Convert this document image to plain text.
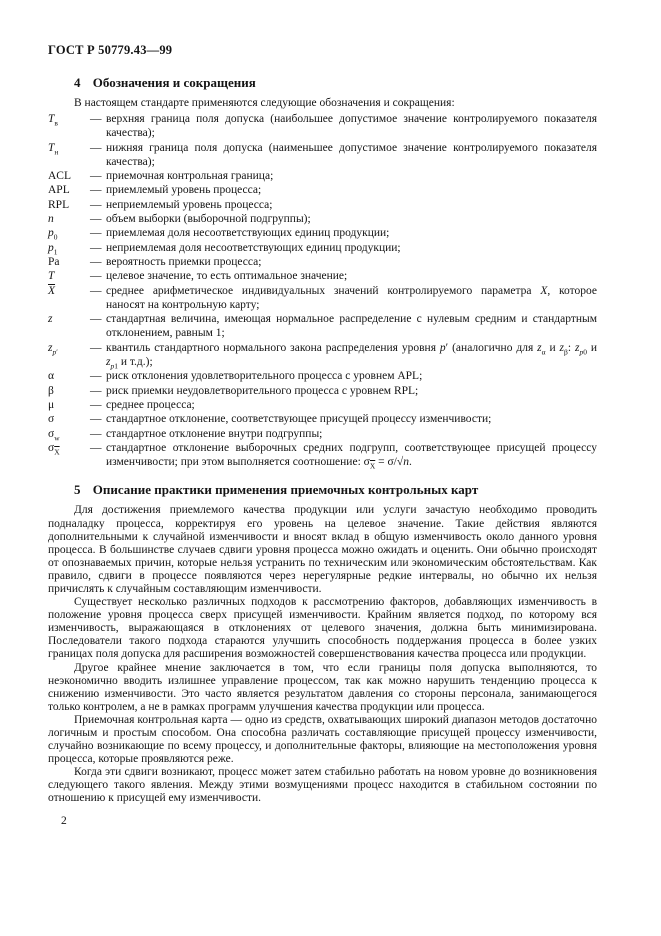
ГОСТ Р 50779.43—99
4 Обозначения и сокращения

В настоящем стандарте применяются следующие обозначения и сокращения:

$T_в$	— верхняя граница поля допуска (наибольшее допустимое значение контролируемого показателя качества);
$T_н$	— нижняя граница поля допуска (наименьшее допустимое значение контролируемого показателя качества);
ACL	— приемочная контрольная граница;
APL	— приемлемый уровень процесса;
RPL	— неприемлемый уровень процесса;
n	— объем выборки (выборочной подгруппы);
$p_0$	— приемлемая доля несоответствующих единиц продукции;
$p_1$	— неприемлемая доля несоответствующих единиц продукции;
Pa	— вероятность приемки процесса;
T	— целевое значение, то есть оптимальное значение;
$\overline{X}$	— среднее арифметическое индивидуальных значений контролируемого параметра X, которое наносят на контрольную карту;
z	— стандартная величина, имеющая нормальное распределение с нулевым средним и стандартным отклонением, равным 1;
$z_{p'}$	— квантиль стандартного нормального закона распределения уровня p′ (аналогично для $z_\alpha$ и $z_\beta$: $z_{p0}$ и $z_{p1}$ и т.д.);
α	— риск отклонения удовлетворительного процесса с уровнем APL;
β	— риск приемки неудовлетворительного процесса с уровнем RPL;
μ	— среднее процесса;
σ	— стандартное отклонение, соответствующее присущей процессу изменчивости;
$\sigma_w$	— стандартное отклонение внутри подгруппы;
$\sigma_{\overline{X}}$	— стандартное отклонение выборочных средних подгрупп, соответствующее присущей процессу изменчивости; при этом выполняется соотношение: $\sigma_{\overline{X}} = \sigma/√n$.
5 Описание практики применения приемочных контрольных карт

Для достижения приемлемого качества продукции или услуги зачастую необходимо проводить подналадку процесса, корректируя его уровень на целевое значение. Такие действия являются дополнительными к случайной изменчивости и вносят вклад в общую изменчивость около данного уровня процесса. В большинстве случаев сдвиги уровня процесса можно ожидать и оценить. Они обычно происходят от опознаваемых причин, которые нельзя устранить по техническим или экономическим обстоятельствам. Как правило, сдвиги в процессе появляются через нерегулярные редкие интервалы, но обычно их нельзя причислять к случайным составляющим изменчивости.

Существует несколько различных подходов к рассмотрению факторов, добавляющих изменчивость в положение уровня процесса сверх присущей изменчивости. Крайним является подход, по которому вся изменчивость, выражающаяся в отклонениях от целевого значения, должна быть минимизирована. Последователи такого подхода стараются улучшить способность поддержания процесса в более узких границах поля допуска для расширения возможностей совершенствования качества процесса или продукции.

Другое крайнее мнение заключается в том, что если границы поля допуска выполняются, то неэкономично вводить излишнее управление процессом, так как можно нарушить тенденцию процесса к снижению изменчивости. Это часто является результатом давления со стороны персонала, занимающегося только контролем, а не в рамках программ улучшения качества продукции или процесса.

Приемочная контрольная карта — одно из средств, охватывающих широкий диапазон методов достаточно логичным и простым способом. Она способна различать составляющие присущей процессу изменчивости, случайно возникающие по всему процессу, и дополнительные факторы, влияющие на местоположения уровня процесса, которые проявляются реже.

Когда эти сдвиги возникают, процесс может затем стабильно работать на новом уровне до возникновения следующего такого явления. Между этими возмущениями процесс находится в стабильном состоянии по отношению к присущей ему изменчивости.

2
